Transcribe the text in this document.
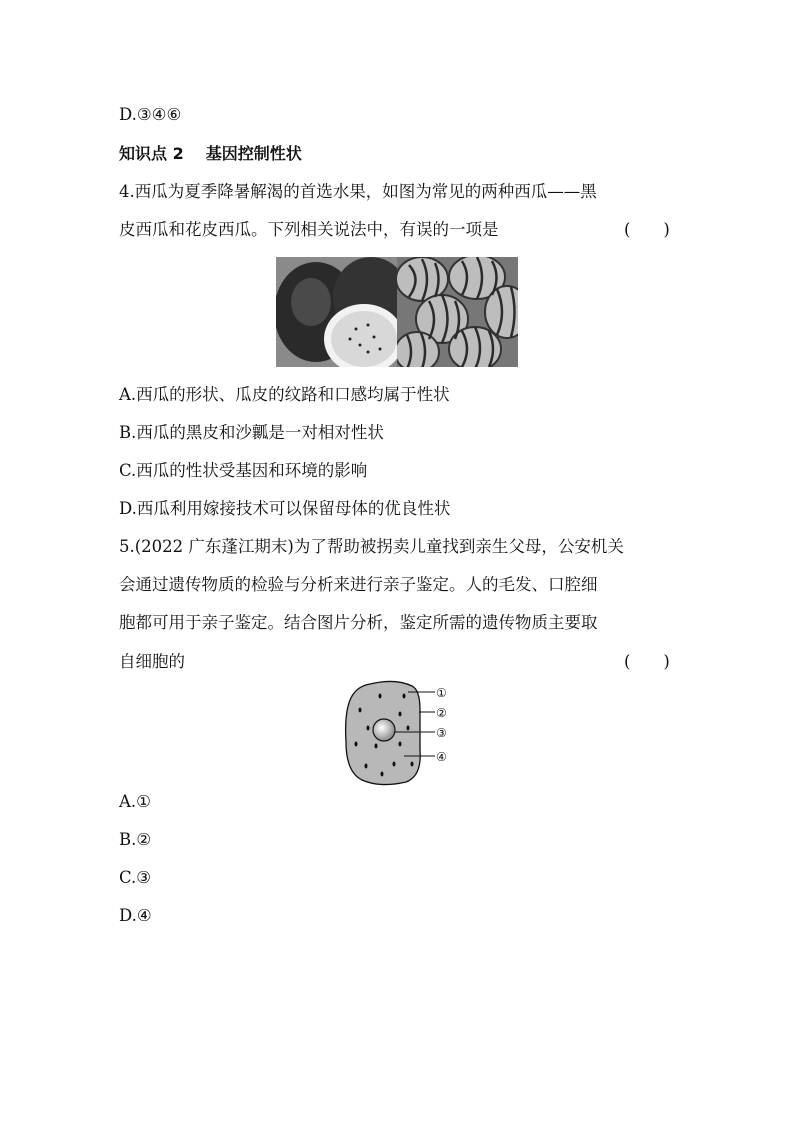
D.③④⑥
知识点 2 基因控制性状
4.西瓜为夏季降暑解渴的首选水果，如图为常见的两种西瓜——黑
皮西瓜和花皮西瓜。下列相关说法中，有误的一项是	(　　)
A.西瓜的形状、瓜皮的纹路和口感均属于性状
B.西瓜的黑皮和沙瓤是一对相对性状
C.西瓜的性状受基因和环境的影响
D.西瓜利用嫁接技术可以保留母体的优良性状
5.(2022 广东蓬江期末)为了帮助被拐卖儿童找到亲生父母，公安机关
会通过遗传物质的检验与分析来进行亲子鉴定。人的毛发、口腔细
胞都可用于亲子鉴定。结合图片分析，鉴定所需的遗传物质主要取
自细胞的	(　　)
①
②
③
④
A.①
B.②
C.③
D.④
